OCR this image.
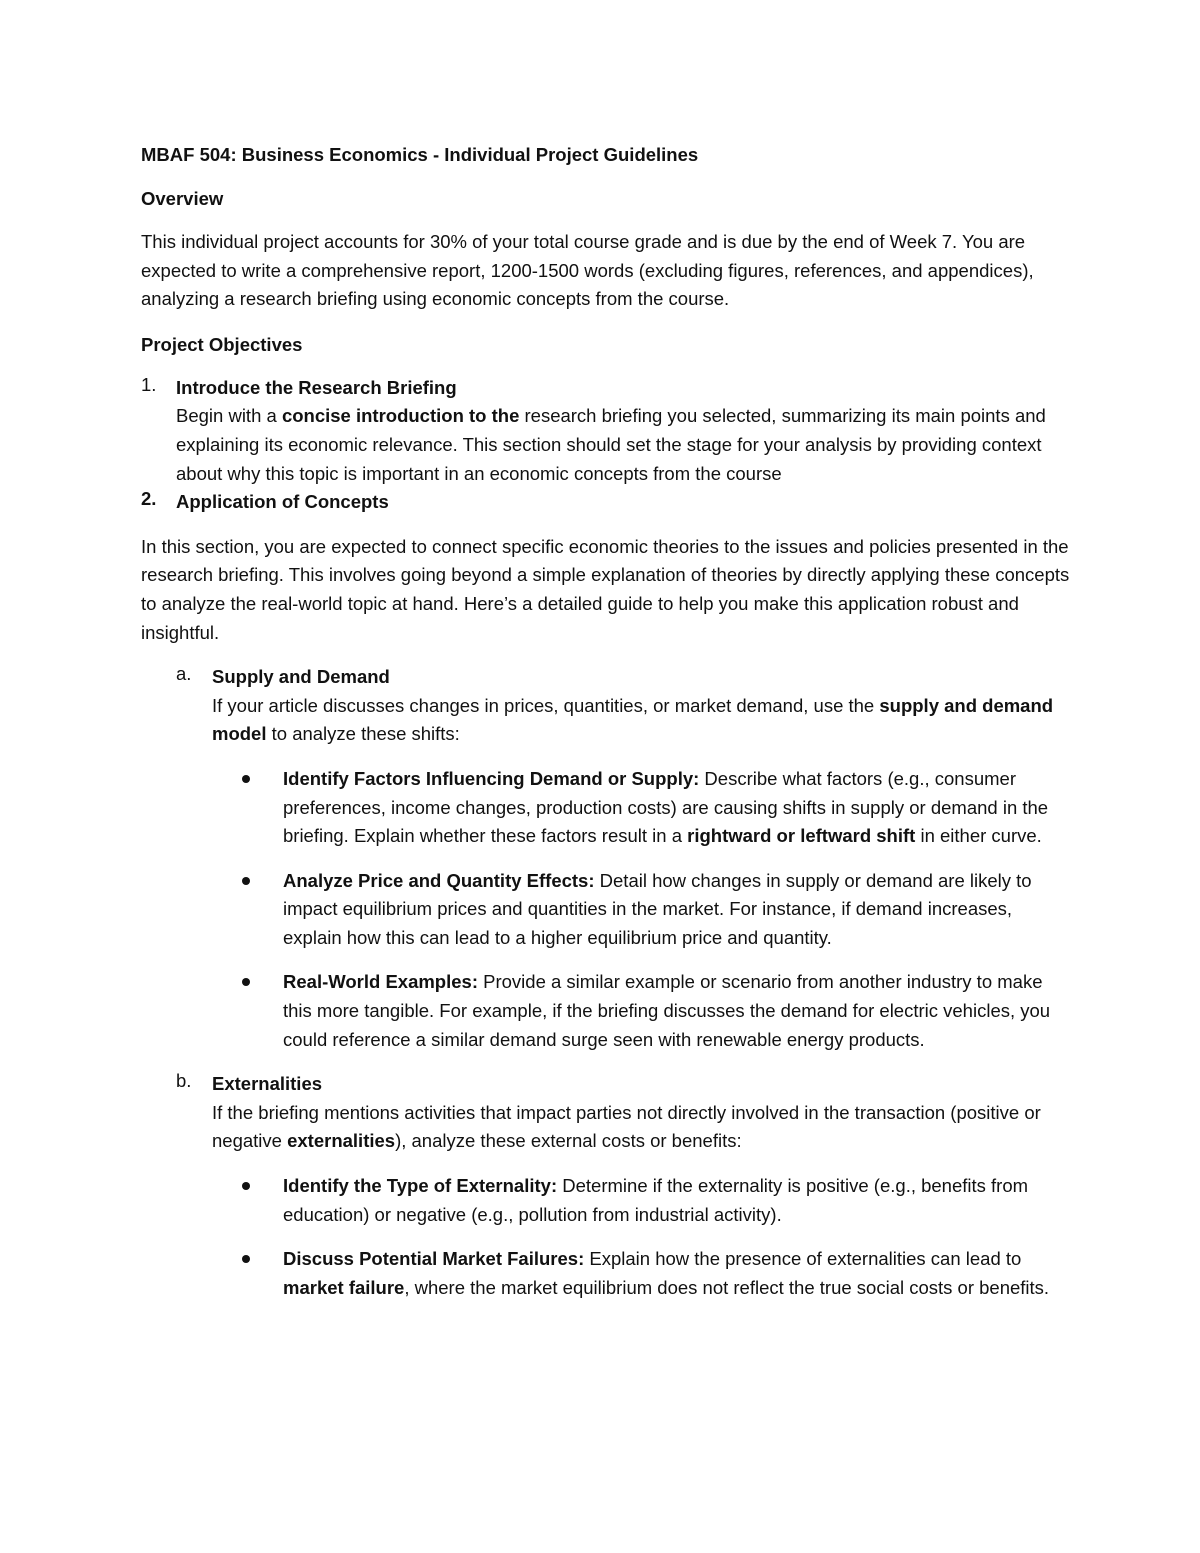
MBAF 504: Business Economics - Individual Project Guidelines

Overview

This individual project accounts for 30% of your total course grade and is due by the end of Week 7. You are expected to write a comprehensive report, 1200-1500 words (excluding figures, references, and appendices), analyzing a research briefing using economic concepts from the course.

Project Objectives

1. Introduce the Research Briefing

Begin with a concise introduction to the research briefing you selected, summarizing its main points and explaining its economic relevance. This section should set the stage for your analysis by providing context about why this topic is important in an economic concepts from the course

2. Application of Concepts

In this section, you are expected to connect specific economic theories to the issues and policies presented in the research briefing. This involves going beyond a simple explanation of theories by directly applying these concepts to analyze the real-world topic at hand. Here’s a detailed guide to help you make this application robust and insightful.

a. Supply and Demand

If your article discusses changes in prices, quantities, or market demand, use the supply and demand model to analyze these shifts:

Identify Factors Influencing Demand or Supply: Describe what factors (e.g., consumer preferences, income changes, production costs) are causing shifts in supply or demand in the briefing. Explain whether these factors result in a rightward or leftward shift in either curve.
Analyze Price and Quantity Effects: Detail how changes in supply or demand are likely to impact equilibrium prices and quantities in the market. For instance, if demand increases, explain how this can lead to a higher equilibrium price and quantity.
Real-World Examples: Provide a similar example or scenario from another industry to make this more tangible. For example, if the briefing discusses the demand for electric vehicles, you could reference a similar demand surge seen with renewable energy products.
b. Externalities

If the briefing mentions activities that impact parties not directly involved in the transaction (positive or negative externalities), analyze these external costs or benefits:

Identify the Type of Externality: Determine if the externality is positive (e.g., benefits from education) or negative (e.g., pollution from industrial activity).
Discuss Potential Market Failures: Explain how the presence of externalities can lead to market failure, where the market equilibrium does not reflect the true social costs or benefits.
